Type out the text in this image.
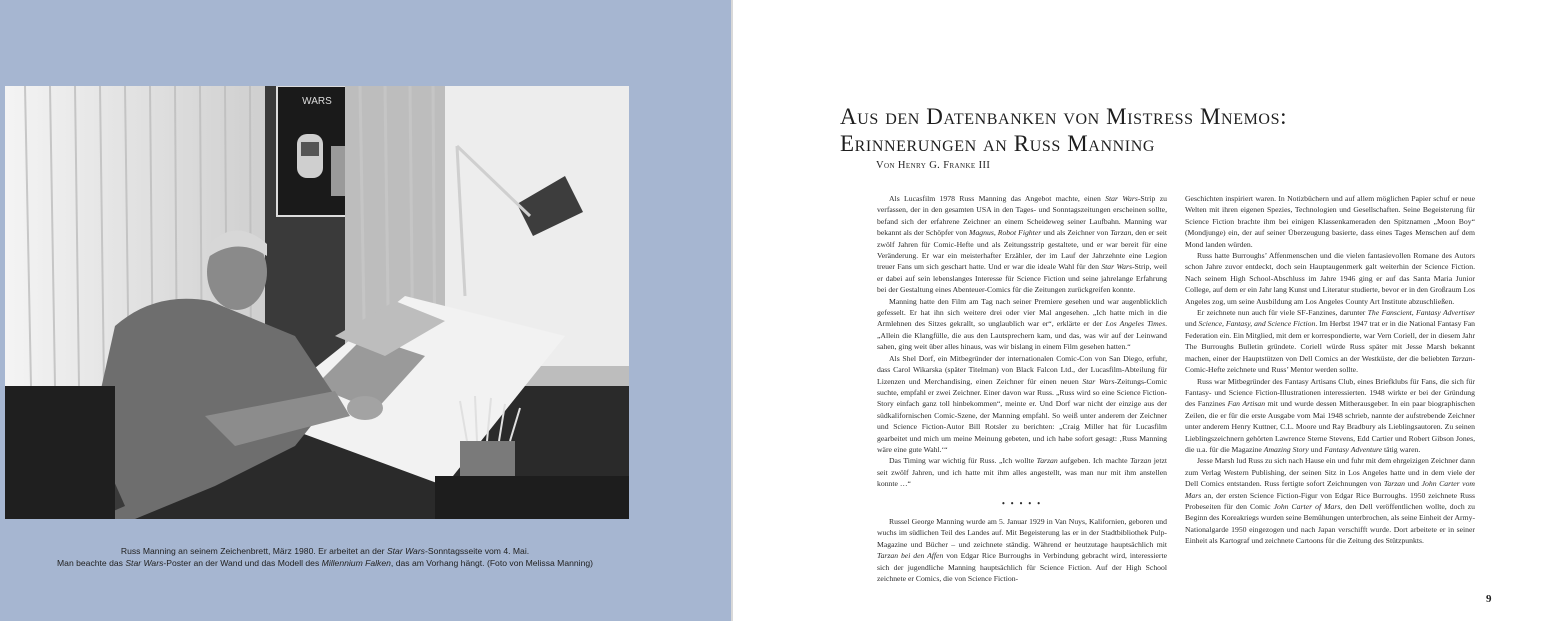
WARS
Russ Manning an seinem Zeichenbrett, März 1980. Er arbeitet an der Star Wars-Sonntagsseite vom 4. Mai.
Man beachte das Star Wars-Poster an der Wand und das Modell des Millennium Falken, das am Vorhang hängt. (Foto von Melissa Manning)
Aus den Datenbanken von Mistress Mnemos:
Erinnerungen an Russ Manning
Von Henry G. Franke III

Als Lucasfilm 1978 Russ Manning das Angebot machte, einen Star Wars-Strip zu verfassen, der in den gesamten USA in den Tages- und Sonntagszeitungen erscheinen sollte, befand sich der erfahrene Zeichner an einem Scheideweg seiner Laufbahn. Manning war bekannt als der Schöpfer von Magnus, Robot Fighter und als Zeichner von Tarzan, den er seit zwölf Jahren für Comic-Hefte und als Zeitungsstrip gestaltete, und er war bereit für eine Veränderung. Er war ein meisterhafter Erzähler, der im Lauf der Jahrzehnte eine Legion treuer Fans um sich geschart hatte. Und er war die ideale Wahl für den Star Wars-Strip, weil er dabei auf sein lebenslanges Interesse für Science Fiction und seine jahrelange Erfahrung bei der Gestaltung eines Abenteuer-Comics für die Zeitungen zurückgreifen konnte.

Manning hatte den Film am Tag nach seiner Premiere gesehen und war augenblicklich gefesselt. Er hat ihn sich weitere drei oder vier Mal angesehen. „Ich hatte mich in die Armlehnen des Sitzes gekrallt, so unglaublich war er“, erklärte er der Los Angeles Times. „Allein die Klangfülle, die aus den Lautsprechern kam, und das, was wir auf der Leinwand sahen, ging weit über alles hinaus, was wir bislang in einem Film gesehen hatten.“

Als Shel Dorf, ein Mitbegründer der internationalen Comic-Con von San Diego, erfuhr, dass Carol Wikarska (später Titelman) von Black Falcon Ltd., der Lucasfilm-Abteilung für Lizenzen und Merchandising, einen Zeichner für einen neuen Star Wars-Zeitungs-Comic suchte, empfahl er zwei Zeichner. Einer davon war Russ. „Russ wird so eine Science Fiction-Story einfach ganz toll hinbekommen“, meinte er. Und Dorf war nicht der einzige aus der südkalifornischen Comic-Szene, der Manning empfahl. So weiß unter anderem der Zeichner und Science Fiction-Autor Bill Rotsler zu berichten: „Craig Miller hat für Lucasfilm gearbeitet und mich um meine Meinung gebeten, und ich habe sofort gesagt: ‚Russ Manning wäre eine gute Wahl.‘“

Das Timing war wichtig für Russ. „Ich wollte Tarzan aufgeben. Ich machte Tarzan jetzt seit zwölf Jahren, und ich hatte mit ihm alles angestellt, was man nur mit ihm anstellen konnte …“

• • • • •

Russel George Manning wurde am 5. Januar 1929 in Van Nuys, Kalifornien, geboren und wuchs im südlichen Teil des Landes auf. Mit Begeisterung las er in der Stadtbibliothek Pulp-Magazine und Bücher – und zeichnete ständig. Während er heutzutage hauptsächlich mit Tarzan bei den Affen von Edgar Rice Burroughs in Verbindung gebracht wird, interessierte sich der jugendliche Manning hauptsächlich für Science Fiction. Auf der High School zeichnete er Comics, die von Science Fiction-

Geschichten inspiriert waren. In Notizbüchern und auf allem möglichen Papier schuf er neue Welten mit ihren eigenen Spezies, Technologien und Gesellschaften. Seine Begeisterung für Science Fiction brachte ihm bei einigen Klassenkameraden den Spitznamen „Moon Boy“ (Mondjunge) ein, der auf seiner Überzeugung basierte, dass eines Tages Menschen auf dem Mond landen würden.

Russ hatte Burroughs’ Affenmenschen und die vielen fantasievollen Romane des Autors schon Jahre zuvor entdeckt, doch sein Hauptaugenmerk galt weiterhin der Science Fiction. Nach seinem High School-Abschluss im Jahre 1946 ging er auf das Santa Maria Junior College, auf dem er ein Jahr lang Kunst und Literatur studierte, bevor er in den Großraum Los Angeles zog, um seine Ausbildung am Los Angeles County Art Institute abzuschließen.

Er zeichnete nun auch für viele SF-Fanzines, darunter The Fanscient, Fantasy Advertiser und Science, Fantasy, and Science Fiction. Im Herbst 1947 trat er in die National Fantasy Fan Federation ein. Ein Mitglied, mit dem er korrespondierte, war Vern Coriell, der in diesem Jahr The Burroughs Bulletin gründete. Coriell würde Russ später mit Jesse Marsh bekannt machen, einer der Hauptstützen von Dell Comics an der Westküste, der die beliebten Tarzan-Comic-Hefte zeichnete und Russ’ Mentor werden sollte.

Russ war Mitbegründer des Fantasy Artisans Club, eines Briefklubs für Fans, die sich für Fantasy- und Science Fiction-Illustrationen interessierten. 1948 wirkte er bei der Gründung des Fanzines Fan Artisan mit und wurde dessen Mitherausgeber. In ein paar biographischen Zeilen, die er für die erste Ausgabe vom Mai 1948 schrieb, nannte der aufstrebende Zeichner unter anderem Henry Kuttner, C.L. Moore und Ray Bradbury als Lieblingsautoren. Zu seinen Lieblingszeichnern gehörten Lawrence Sterne Stevens, Edd Cartier und Robert Gibson Jones, die u.a. für die Magazine Amazing Story und Fantasy Adventure tätig waren.

Jesse Marsh lud Russ zu sich nach Hause ein und fuhr mit dem ehrgeizigen Zeichner dann zum Verlag Western Publishing, der seinen Sitz in Los Angeles hatte und in dem viele der Dell Comics entstanden. Russ fertigte sofort Zeichnungen von Tarzan und John Carter vom Mars an, der ersten Science Fiction-Figur von Edgar Rice Burroughs. 1950 zeichnete Russ Probeseiten für den Comic John Carter of Mars, den Dell veröffentlichen wollte, doch zu Beginn des Koreakriegs wurden seine Bemühungen unterbrochen, als seine Einheit der Army-Nationalgarde 1950 eingezogen und nach Japan verschifft wurde. Dort arbeitete er in seiner Einheit als Kartograf und zeichnete Cartoons für die Zeitung des Stützpunkts.

9
